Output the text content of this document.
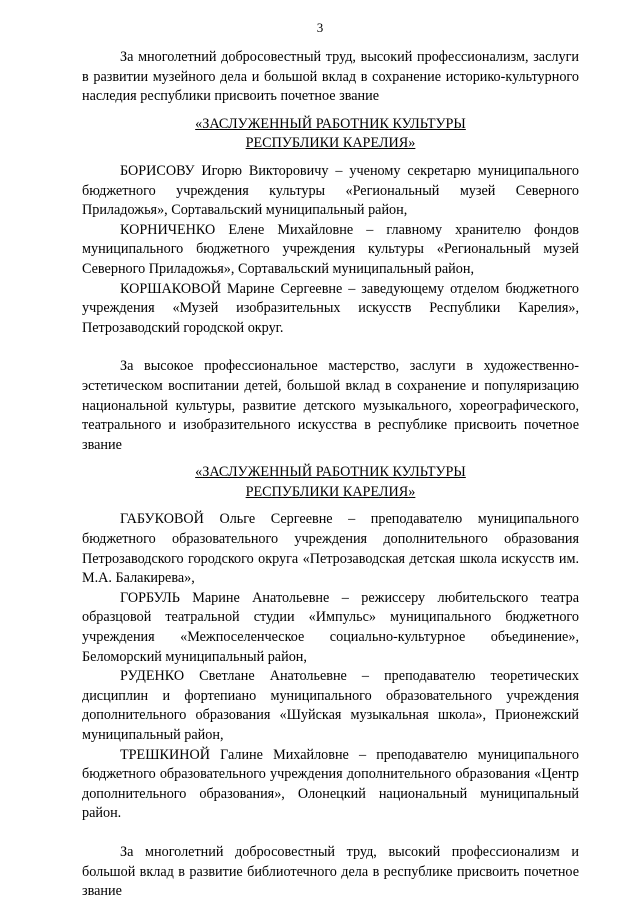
3

За многолетний добросовестный труд, высокий профессионализм, заслуги в развитии музейного дела и большой вклад в сохранение историко-культурного наследия республики присвоить почетное звание

«ЗАСЛУЖЕННЫЙ РАБОТНИК КУЛЬТУРЫ

РЕСПУБЛИКИ КАРЕЛИЯ»

БОРИСОВУ Игорю Викторовичу – ученому секретарю муниципального бюджетного учреждения культуры «Региональный музей Северного Приладожья», Сортавальский муниципальный район,

КОРНИЧЕНКО Елене Михайловне – главному хранителю фондов муниципального бюджетного учреждения культуры «Региональный музей Северного Приладожья», Сортавальский муниципальный район,

КОРШАКОВОЙ Марине Сергеевне – заведующему отделом бюджетного учреждения «Музей изобразительных искусств Республики Карелия», Петрозаводский городской округ.

За высокое профессиональное мастерство, заслуги в художественно-эстетическом воспитании детей, большой вклад в сохранение и популяризацию национальной культуры, развитие детского музыкального, хореографического, театрального и изобразительного искусства в республике присвоить почетное звание

«ЗАСЛУЖЕННЫЙ РАБОТНИК КУЛЬТУРЫ

РЕСПУБЛИКИ КАРЕЛИЯ»

ГАБУКОВОЙ Ольге Сергеевне – преподавателю муниципального бюджетного образовательного учреждения дополнительного образования Петрозаводского городского округа «Петрозаводская детская школа искусств им. М.А. Балакирева»,

ГОРБУЛЬ Марине Анатольевне – режиссеру любительского театра образцовой театральной студии «Импульс» муниципального бюджетного учреждения «Межпоселенческое социально-культурное объединение», Беломорский муниципальный район,

РУДЕНКО Светлане Анатольевне – преподавателю теоретических дисциплин и фортепиано муниципального образовательного учреждения дополнительного образования «Шуйская музыкальная школа», Прионежский муниципальный район,

ТРЕШКИНОЙ Галине Михайловне – преподавателю муниципального бюджетного образовательного учреждения дополнительного образования «Центр дополнительного образования», Олонецкий национальный муниципальный район.

За многолетний добросовестный труд, высокий профессионализм и большой вклад в развитие библиотечного дела в республике присвоить почетное звание
